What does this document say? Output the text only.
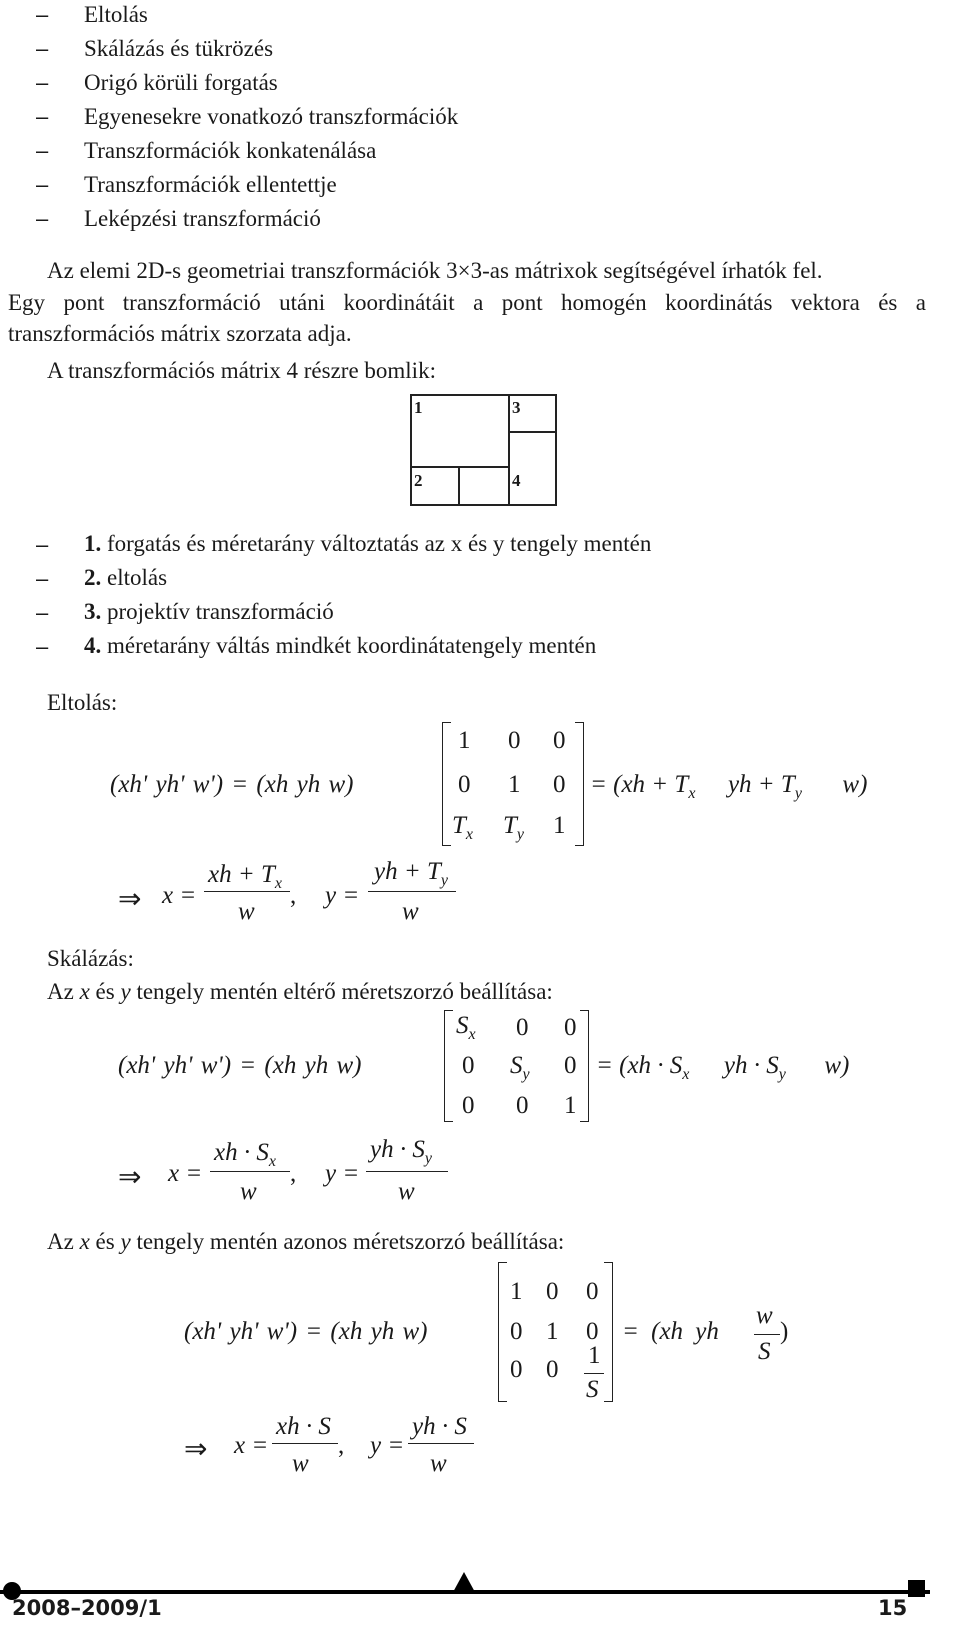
– Eltolás
– Skálázás és tükrözés
– Origó körüli forgatás
– Egyenesekre vonatkozó transzformációk
– Transzformációk konkatenálása
– Transzformációk ellentettje
– Leképzési transzformáció
Az elemi 2D-s geometriai transzformációk 3×3-as mátrixok segítségével írhatók fel.
Egy pont transzformáció utáni koordinátáit a pont homogén koordinátás vektora és a
transzformációs mátrix szorzata adja.
A transzformációs mátrix 4 részre bomlik:
1	3
2	4
– 1. forgatás és méretarány változtatás az x és y tengely mentén
– 2. eltolás
– 3. projektív transzformáció
– 4. méretarány váltás mindkét koordinátatengely mentén
Eltolás:
(xh' yh' w') = (xh yh w)
1 0 0
0 1 0
$T_x$ $T_y$ 1
= ($xh + T_x$ yh + $T_y$ w)
⇒ x =
xh + $T_x$
w
, y =
yh + $T_y$
w
Skálázás:
Az x és y tengely mentén eltérő méretszorzó beállítása:
(xh' yh' w') = (xh yh w)
$S_x$ 0 0
0 $S_y$ 0
0 0 1
= ($xh \cdot S_x$ yh · $S_y$ w)
⇒ x =
xh · $S_x$
w
, y =
yh · $S_y$
w
Az x és y tengely mentén azonos méretszorzó beállítása:
(xh' yh' w') = (xh yh w)
1 0 0
0 1 0
0 0
1
S
= (xh yh
w
S
)
⇒ x =
xh · S
w
, y =
yh · S
w
2008–2009/1	15
